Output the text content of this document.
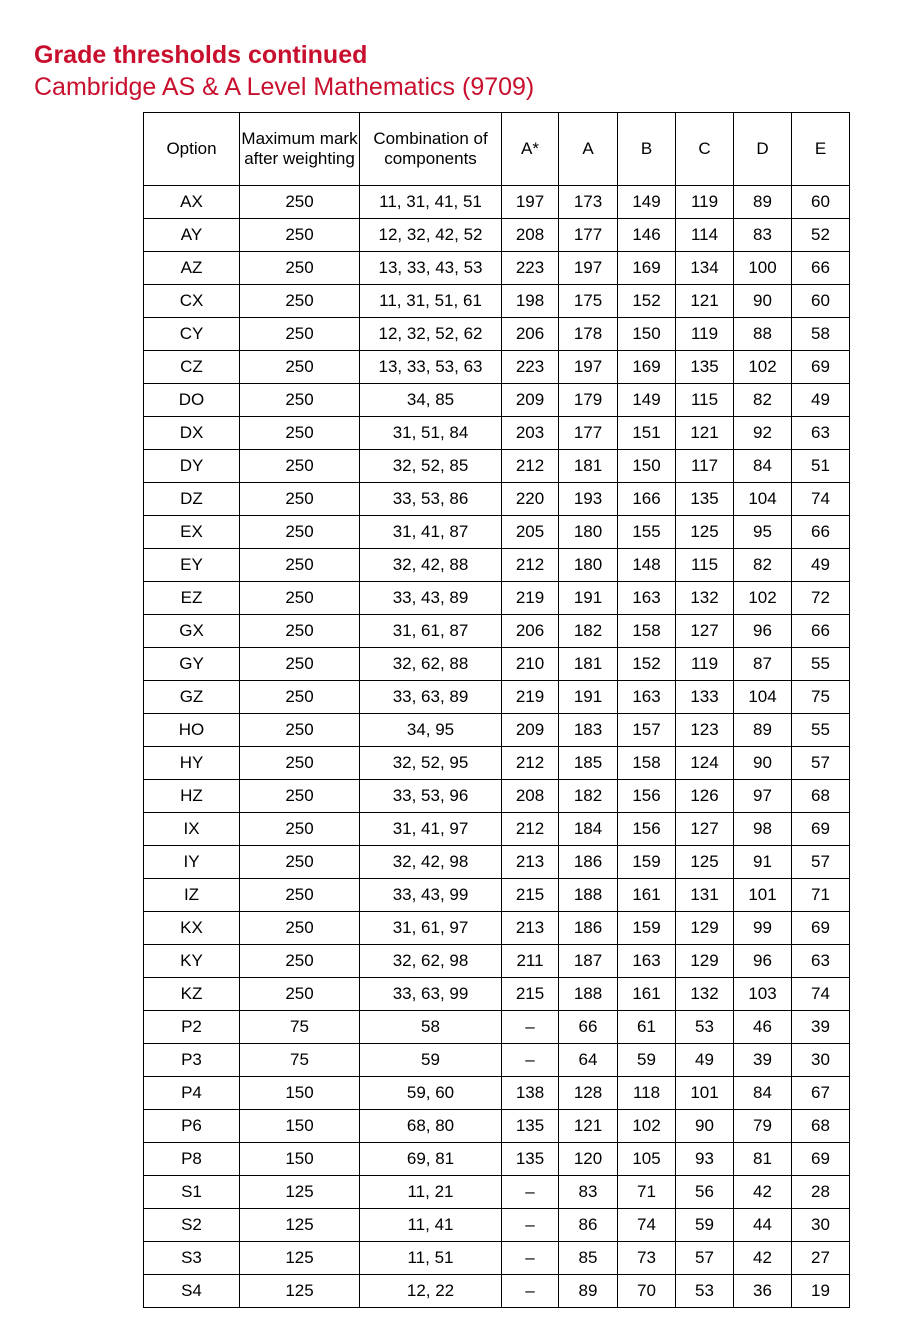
Grade thresholds continued
Cambridge AS & A Level Mathematics (9709)
Option	Maximum mark after weighting	Combination of components	A*	A	B	C	D	E
AX	250	11, 31, 41, 51	197	173	149	119	89	60
AY	250	12, 32, 42, 52	208	177	146	114	83	52
AZ	250	13, 33, 43, 53	223	197	169	134	100	66
CX	250	11, 31, 51, 61	198	175	152	121	90	60
CY	250	12, 32, 52, 62	206	178	150	119	88	58
CZ	250	13, 33, 53, 63	223	197	169	135	102	69
DO	250	34, 85	209	179	149	115	82	49
DX	250	31, 51, 84	203	177	151	121	92	63
DY	250	32, 52, 85	212	181	150	117	84	51
DZ	250	33, 53, 86	220	193	166	135	104	74
EX	250	31, 41, 87	205	180	155	125	95	66
EY	250	32, 42, 88	212	180	148	115	82	49
EZ	250	33, 43, 89	219	191	163	132	102	72
GX	250	31, 61, 87	206	182	158	127	96	66
GY	250	32, 62, 88	210	181	152	119	87	55
GZ	250	33, 63, 89	219	191	163	133	104	75
HO	250	34, 95	209	183	157	123	89	55
HY	250	32, 52, 95	212	185	158	124	90	57
HZ	250	33, 53, 96	208	182	156	126	97	68
IX	250	31, 41, 97	212	184	156	127	98	69
IY	250	32, 42, 98	213	186	159	125	91	57
IZ	250	33, 43, 99	215	188	161	131	101	71
KX	250	31, 61, 97	213	186	159	129	99	69
KY	250	32, 62, 98	211	187	163	129	96	63
KZ	250	33, 63, 99	215	188	161	132	103	74
P2	75	58	–	66	61	53	46	39
P3	75	59	–	64	59	49	39	30
P4	150	59, 60	138	128	118	101	84	67
P6	150	68, 80	135	121	102	90	79	68
P8	150	69, 81	135	120	105	93	81	69
S1	125	11, 21	–	83	71	56	42	28
S2	125	11, 41	–	86	74	59	44	30
S3	125	11, 51	–	85	73	57	42	27
S4	125	12, 22	–	89	70	53	36	19
